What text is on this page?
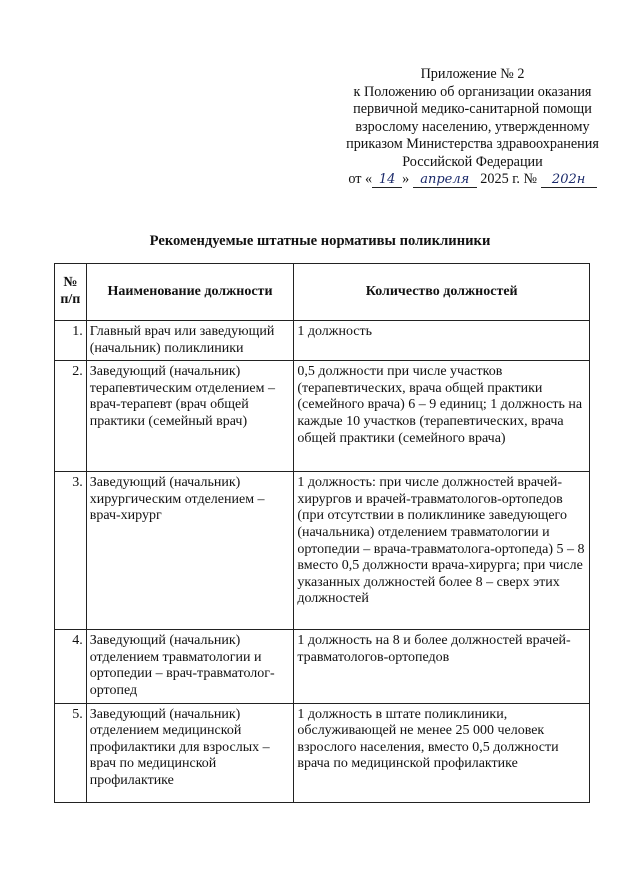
Приложение № 2
к Положению об организации оказания
первичной медико-санитарной помощи
взрослому населению, утвержденному
приказом Министерства здравоохранения
Российской Федерации
от « 14 » апреля 2025 г. № 202н
Рекомендуемые штатные нормативы поликлиники
№ п/п	Наименование должности	Количество должностей
1.	Главный врач или заведующий (начальник) поликлиники	1 должность
2.	Заведующий (начальник) терапевтическим отделением – врач-терапевт (врач общей практики (семейный врач)	0,5 должности при числе участков (терапевтических, врача общей практики (семейного врача) 6 – 9 единиц; 1 должность на каждые 10 участков (терапевтических, врача общей практики (семейного врача)
3.	Заведующий (начальник) хирургическим отделением – врач-хирург	1 должность: при числе должностей врачей-хирургов и врачей-травматологов-ортопедов (при отсутствии в поликлинике заведующего (начальника) отделением травматологии и ортопедии – врача-травматолога-ортопеда) 5 – 8 вместо 0,5 должности врача-хирурга; при числе указанных должностей более 8 – сверх этих должностей
4.	Заведующий (начальник) отделением травматологии и ортопедии – врач-травматолог-ортопед	1 должность на 8 и более должностей врачей-травматологов-ортопедов
5.	Заведующий (начальник) отделением медицинской профилактики для взрослых – врач по медицинской профилактике	1 должность в штате поликлиники, обслуживающей не менее 25 000 человек взрослого населения, вместо 0,5 должности врача по медицинской профилактике
